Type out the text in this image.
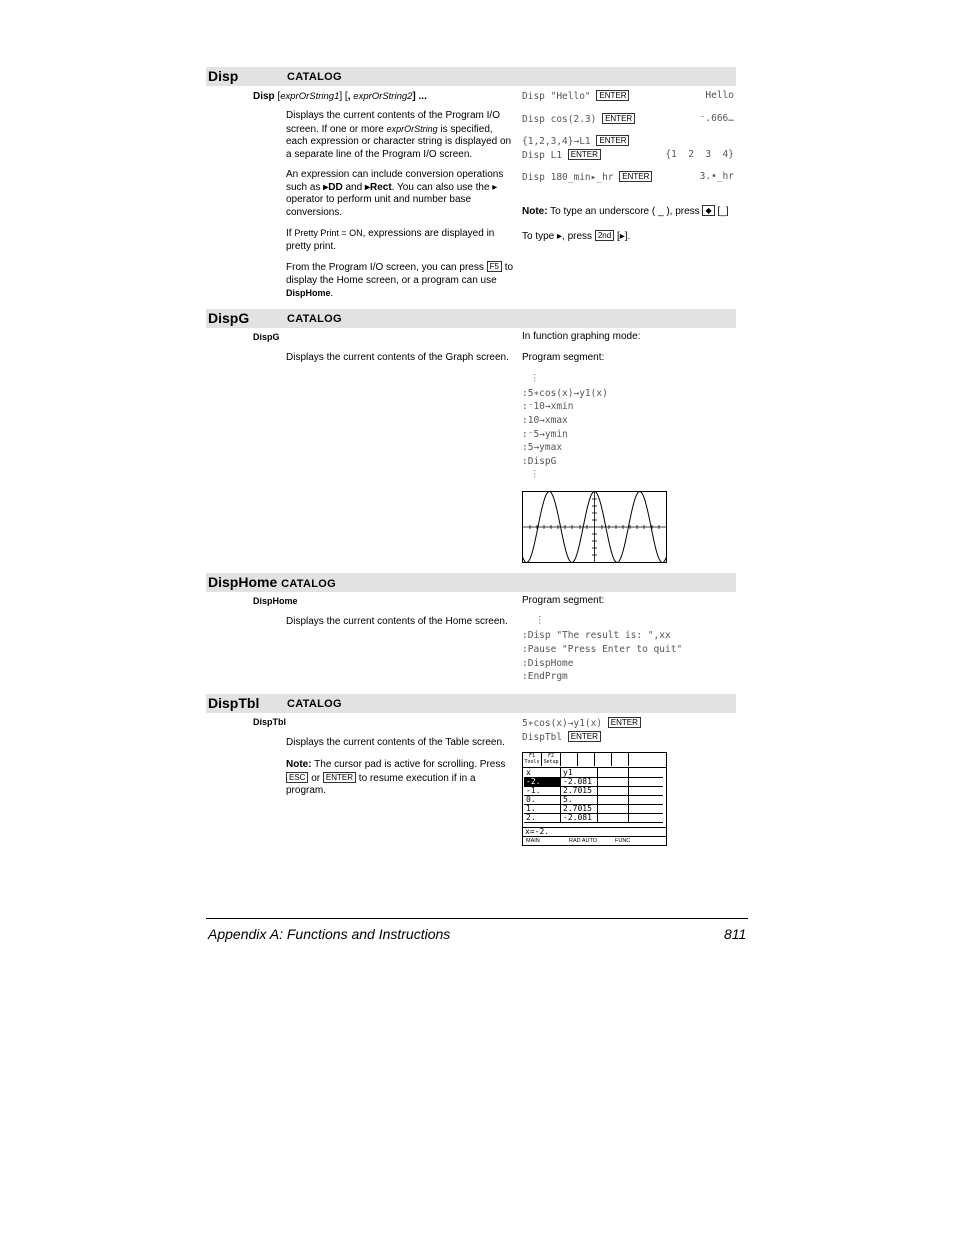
Disp	CATALOG
Disp [exprOrString1] [, exprOrString2] ...
Displays the current contents of the Program I/O screen. If one or more exprOrString is specified, each expression or character string is displayed on a separate line of the Program I/O screen.
An expression can include conversion operations such as ▸DD and ▸Rect. You can also use the ▸ operator to perform unit and number base conversions.
If Pretty Print = ON, expressions are displayed in pretty print.
From the Program I/O screen, you can press F5 to display the Home screen, or a program can use DispHome.
Disp "Hello" ENTER	Hello
Disp cos(2.3) ENTER	⁻.666…
{1,2,3,4}→L1 ENTER
Disp L1 ENTER	{1  2  3  4}
Disp 180_min▸_hr ENTER	3.•_hr
Note: To type an underscore ( _ ), press ◆ [_]
To type ▸, press 2nd [▸].
DispG	CATALOG
DispG
Displays the current contents of the Graph screen.
In function graphing mode:
Program segment:
⋮
:5∗cos(x)→y1(x)
:⁻10→xmin
:10→xmax
:⁻5→ymin
:5→ymax
:DispG
⋮
DispHome CATALOG
DispHome
Displays the current contents of the Home screen.
Program segment:
⋮
:Disp "The result is: ",xx
:Pause "Press Enter to quit"
:DispHome
:EndPrgm
DispTbl	CATALOG
DispTbl
Displays the current contents of the Table screen.
Note: The cursor pad is active for scrolling. Press ESC or ENTER to resume execution if in a program.
5∗cos(x)→y1(x) ENTER
DispTbl ENTER
F1 Tools
F2 Setup
x	y1
-2.	-2.081
-1.	2.7015
0.	5.
1.	2.7015
2.	-2.081
x=-2.
MAIN	RAD AUTO	FUNC
Appendix A: Functions and Instructions	811
